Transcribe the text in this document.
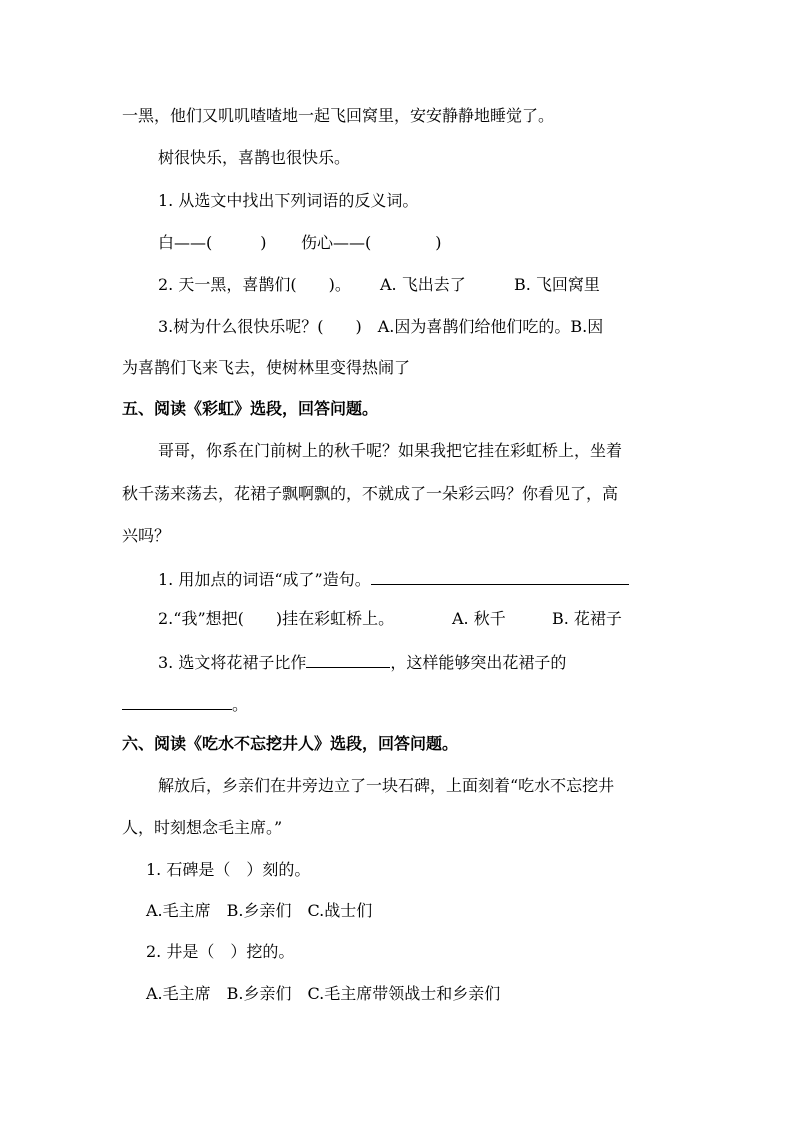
一黑，他们又叽叽喳喳地一起飞回窝里，安安静静地睡觉了。
树很快乐，喜鹊也很快乐。
1. 从选文中找出下列词语的反义词。
白——(　　　)	伤心——(　　　　)
2. 天一黑，喜鹊们(　　)。	A. 飞出去了	B. 飞回窝里
3.树为什么很快乐呢？(　　)　A.因为喜鹊们给他们吃的。B.因
为喜鹊们飞来飞去，使树林里变得热闹了
五、阅读《彩虹》选段，回答问题。
哥哥，你系在门前树上的秋千呢？如果我把它挂在彩虹桥上，坐着
秋千荡来荡去，花裙子飘啊飘的，不就成了一朵彩云吗？你看见了，高
兴吗？
1. 用加点的词语“成了”造句。
2.“我”想把(　　)挂在彩虹桥上。	A. 秋千	B. 花裙子
3. 选文将花裙子比作	，这样能够突出花裙子的
。
六、阅读《吃水不忘挖井人》选段，回答问题。
解放后，乡亲们在井旁边立了一块石碑，上面刻着“吃水不忘挖井
人，时刻想念毛主席。”
1. 石碑是（　）刻的。
A.毛主席　B.乡亲们　C.战士们
2. 井是（　）挖的。
A.毛主席　B.乡亲们　C.毛主席带领战士和乡亲们
